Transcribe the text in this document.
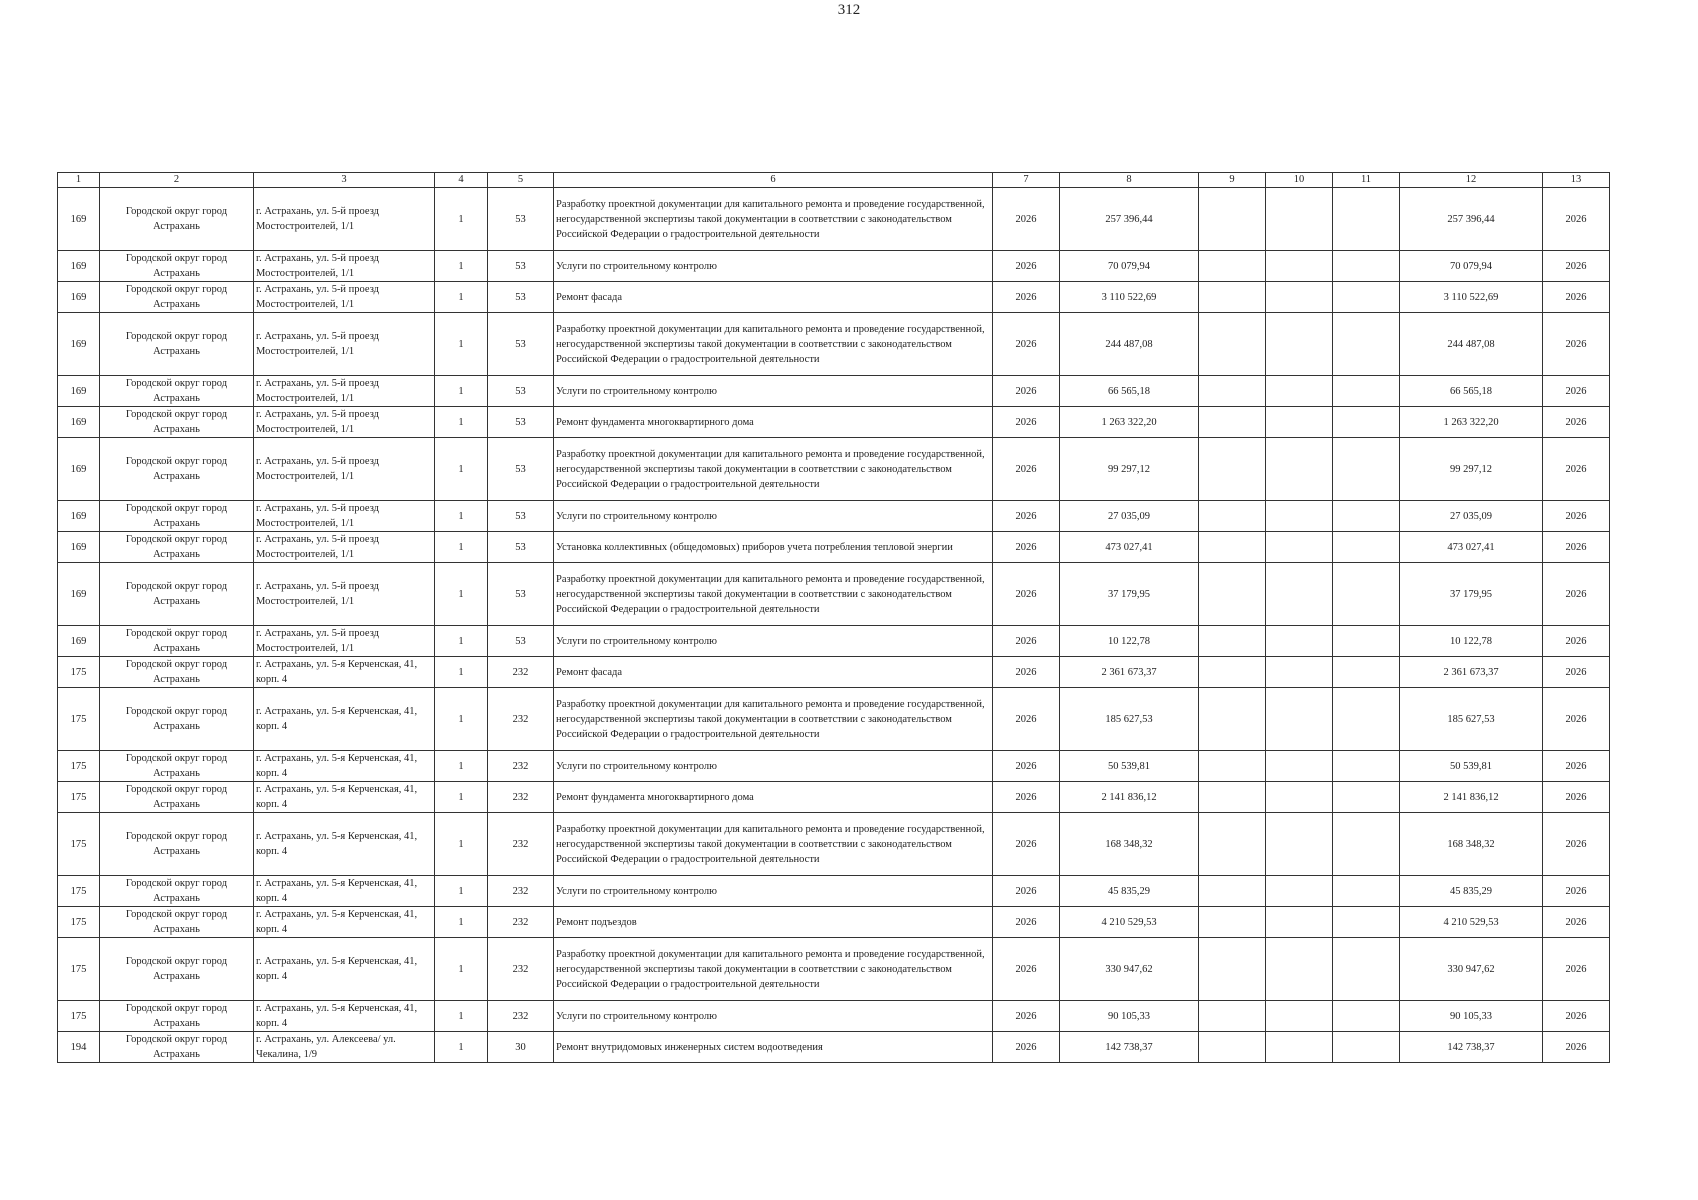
312
1	2	3	4	5	6	7	8	9	10	11	12	13
169	Городской округ город Астрахань	г. Астрахань, ул. 5-й проезд Мостостроителей, 1/1	1	53	Разработку проектной документации для капитального ремонта и проведение государственной, негосударственной экспертизы такой документации в соответствии с законодательством Российской Федерации о градостроительной деятельности	2026	257 396,44				257 396,44	2026
169	Городской округ город Астрахань	г. Астрахань, ул. 5-й проезд Мостостроителей, 1/1	1	53	Услуги по строительному контролю	2026	70 079,94				70 079,94	2026
169	Городской округ город Астрахань	г. Астрахань, ул. 5-й проезд Мостостроителей, 1/1	1	53	Ремонт фасада	2026	3 110 522,69				3 110 522,69	2026
169	Городской округ город Астрахань	г. Астрахань, ул. 5-й проезд Мостостроителей, 1/1	1	53	Разработку проектной документации для капитального ремонта и проведение государственной, негосударственной экспертизы такой документации в соответствии с законодательством Российской Федерации о градостроительной деятельности	2026	244 487,08				244 487,08	2026
169	Городской округ город Астрахань	г. Астрахань, ул. 5-й проезд Мостостроителей, 1/1	1	53	Услуги по строительному контролю	2026	66 565,18				66 565,18	2026
169	Городской округ город Астрахань	г. Астрахань, ул. 5-й проезд Мостостроителей, 1/1	1	53	Ремонт фундамента многоквартирного дома	2026	1 263 322,20				1 263 322,20	2026
169	Городской округ город Астрахань	г. Астрахань, ул. 5-й проезд Мостостроителей, 1/1	1	53	Разработку проектной документации для капитального ремонта и проведение государственной, негосударственной экспертизы такой документации в соответствии с законодательством Российской Федерации о градостроительной деятельности	2026	99 297,12				99 297,12	2026
169	Городской округ город Астрахань	г. Астрахань, ул. 5-й проезд Мостостроителей, 1/1	1	53	Услуги по строительному контролю	2026	27 035,09				27 035,09	2026
169	Городской округ город Астрахань	г. Астрахань, ул. 5-й проезд Мостостроителей, 1/1	1	53	Установка коллективных (общедомовых) приборов учета потребления тепловой энергии	2026	473 027,41				473 027,41	2026
169	Городской округ город Астрахань	г. Астрахань, ул. 5-й проезд Мостостроителей, 1/1	1	53	Разработку проектной документации для капитального ремонта и проведение государственной, негосударственной экспертизы такой документации в соответствии с законодательством Российской Федерации о градостроительной деятельности	2026	37 179,95				37 179,95	2026
169	Городской округ город Астрахань	г. Астрахань, ул. 5-й проезд Мостостроителей, 1/1	1	53	Услуги по строительному контролю	2026	10 122,78				10 122,78	2026
175	Городской округ город Астрахань	г. Астрахань, ул. 5-я Керченская, 41, корп. 4	1	232	Ремонт фасада	2026	2 361 673,37				2 361 673,37	2026
175	Городской округ город Астрахань	г. Астрахань, ул. 5-я Керченская, 41, корп. 4	1	232	Разработку проектной документации для капитального ремонта и проведение государственной, негосударственной экспертизы такой документации в соответствии с законодательством Российской Федерации о градостроительной деятельности	2026	185 627,53				185 627,53	2026
175	Городской округ город Астрахань	г. Астрахань, ул. 5-я Керченская, 41, корп. 4	1	232	Услуги по строительному контролю	2026	50 539,81				50 539,81	2026
175	Городской округ город Астрахань	г. Астрахань, ул. 5-я Керченская, 41, корп. 4	1	232	Ремонт фундамента многоквартирного дома	2026	2 141 836,12				2 141 836,12	2026
175	Городской округ город Астрахань	г. Астрахань, ул. 5-я Керченская, 41, корп. 4	1	232	Разработку проектной документации для капитального ремонта и проведение государственной, негосударственной экспертизы такой документации в соответствии с законодательством Российской Федерации о градостроительной деятельности	2026	168 348,32				168 348,32	2026
175	Городской округ город Астрахань	г. Астрахань, ул. 5-я Керченская, 41, корп. 4	1	232	Услуги по строительному контролю	2026	45 835,29				45 835,29	2026
175	Городской округ город Астрахань	г. Астрахань, ул. 5-я Керченская, 41, корп. 4	1	232	Ремонт подъездов	2026	4 210 529,53				4 210 529,53	2026
175	Городской округ город Астрахань	г. Астрахань, ул. 5-я Керченская, 41, корп. 4	1	232	Разработку проектной документации для капитального ремонта и проведение государственной, негосударственной экспертизы такой документации в соответствии с законодательством Российской Федерации о градостроительной деятельности	2026	330 947,62				330 947,62	2026
175	Городской округ город Астрахань	г. Астрахань, ул. 5-я Керченская, 41, корп. 4	1	232	Услуги по строительному контролю	2026	90 105,33				90 105,33	2026
194	Городской округ город Астрахань	г. Астрахань, ул. Алексеева/ ул. Чекалина, 1/9	1	30	Ремонт внутридомовых инженерных систем водоотведения	2026	142 738,37				142 738,37	2026
